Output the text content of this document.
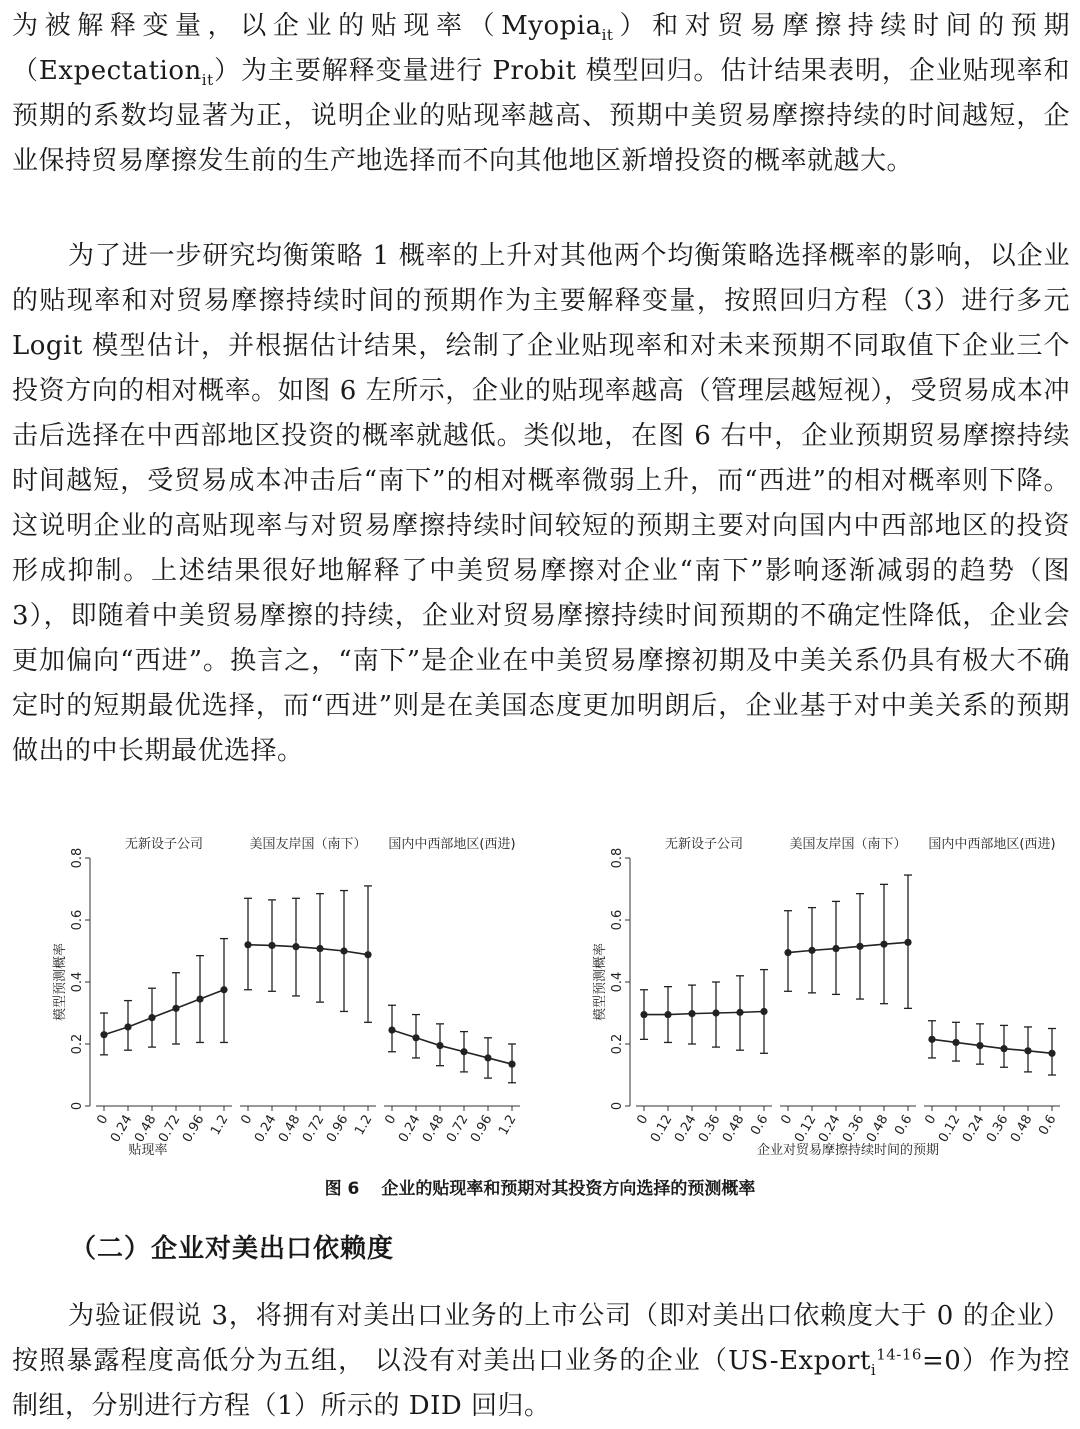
为被解释变量，以企业的贴现率（Myopia$_{it}$）和对贸易摩擦持续时间的预期（Expectation$_{it}$）为主要解释变量进行 Probit 模型回归。估计结果表明，企业贴现率和预期的系数均显著为正，说明企业的贴现率越高、预期中美贸易摩擦持续的时间越短，企业保持贸易摩擦发生前的生产地选择而不向其他地区新增投资的概率就越大。

为了进一步研究均衡策略 1 概率的上升对其他两个均衡策略选择概率的影响，以企业的贴现率和对贸易摩擦持续时间的预期作为主要解释变量，按照回归方程（3）进行多元 Logit 模型估计，并根据估计结果，绘制了企业贴现率和对未来预期不同取值下企业三个投资方向的相对概率。如图 6 左所示，企业的贴现率越高（管理层越短视），受贸易成本冲击后选择在中西部地区投资的概率就越低。类似地，在图 6 右中，企业预期贸易摩擦持续时间越短，受贸易成本冲击后“南下”的相对概率微弱上升，而“西进”的相对概率则下降。这说明企业的高贴现率与对贸易摩擦持续时间较短的预期主要对向国内中西部地区的投资形成抑制。上述结果很好地解释了中美贸易摩擦对企业“南下”影响逐渐减弱的趋势（图 3），即随着中美贸易摩擦的持续，企业对贸易摩擦持续时间预期的不确定性降低，企业会更加偏向“西进”。换言之，“南下”是企业在中美贸易摩擦初期及中美关系仍具有极大不确定时的短期最优选择，而“西进”则是在美国态度更加明朗后，企业基于对中美关系的预期做出的中长期最优选择。

模型预测概率
0
0.2
0.4
0.6
0.8
无新设子公司
0
0.24
0.48
0.72
0.96 1.2
美国友岸国（南下）
0
0.24
0.48
0.72
0.96 1.2
国内中西部地区(西进)
0
0.24
0.48
0.72
0.96 1.2
贴现率
模型预测概率
0
0.2
0.4
0.6
0.8
无新设子公司
0
0.12
0.24
0.36
0.48 0.6
美国友岸国（南下）
0
0.12
0.24
0.36
0.48 0.6
国内中西部地区(西进)
0
0.12
0.24
0.36
0.48 0.6
企业对贸易摩擦持续时间的预期
图 6 企业的贴现率和预期对其投资方向选择的预测概率
（二）企业对美出口依赖度

为验证假说 3，将拥有对美出口业务的上市公司（即对美出口依赖度大于 0 的企业）按照暴露程度高低分为五组， 以没有对美出口业务的企业（US-Export$_i^{14-16}$=0）作为控制组，分别进行方程（1）所示的 DID 回归。
